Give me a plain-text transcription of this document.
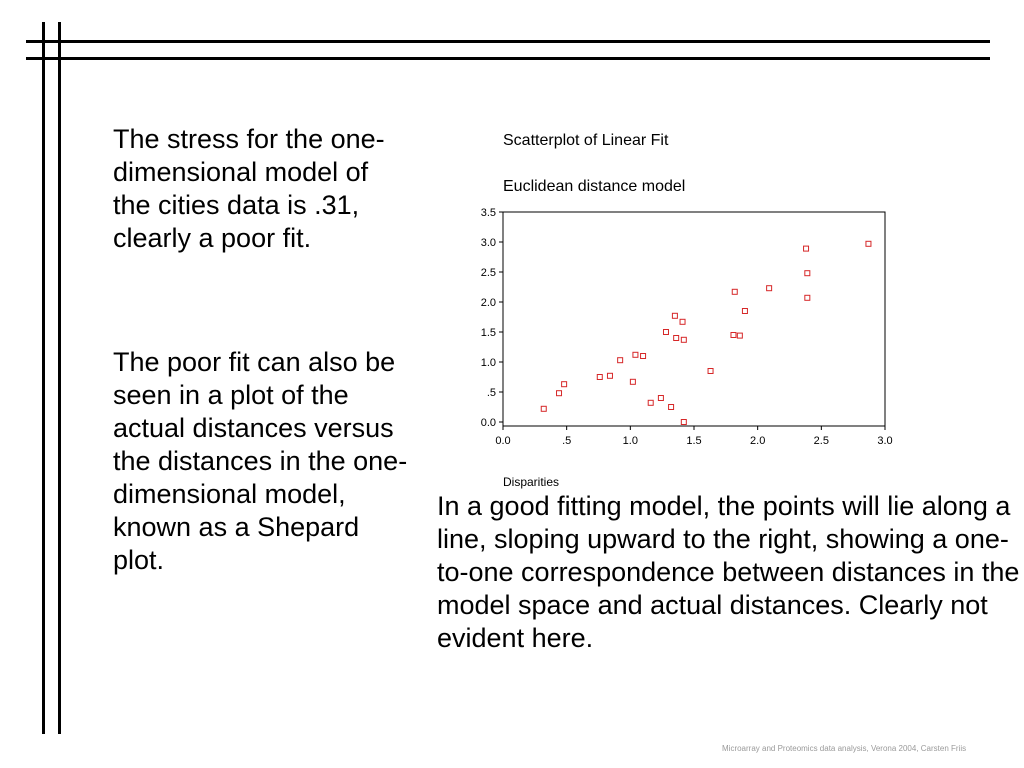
The stress for the one-dimensional model of the cities data is .31, clearly a poor fit.

The poor fit can also be seen in a plot of the actual distances versus the distances in the one-dimensional model, known as a Shepard plot.

In a good fitting model, the points will lie along a line, sloping upward to the right, showing a one-to-one correspondence between distances in the model space and actual distances. Clearly not evident here.

Scatterplot of Linear Fit
Euclidean distance model
0.0
.5
1.0
1.5
2.0
2.5
3.0
3.5
0.0	.5	1.0	1.5	2.0	2.5	3.0
Disparities
Microarray and Proteomics data analysis, Verona 2004, Carsten Friis
